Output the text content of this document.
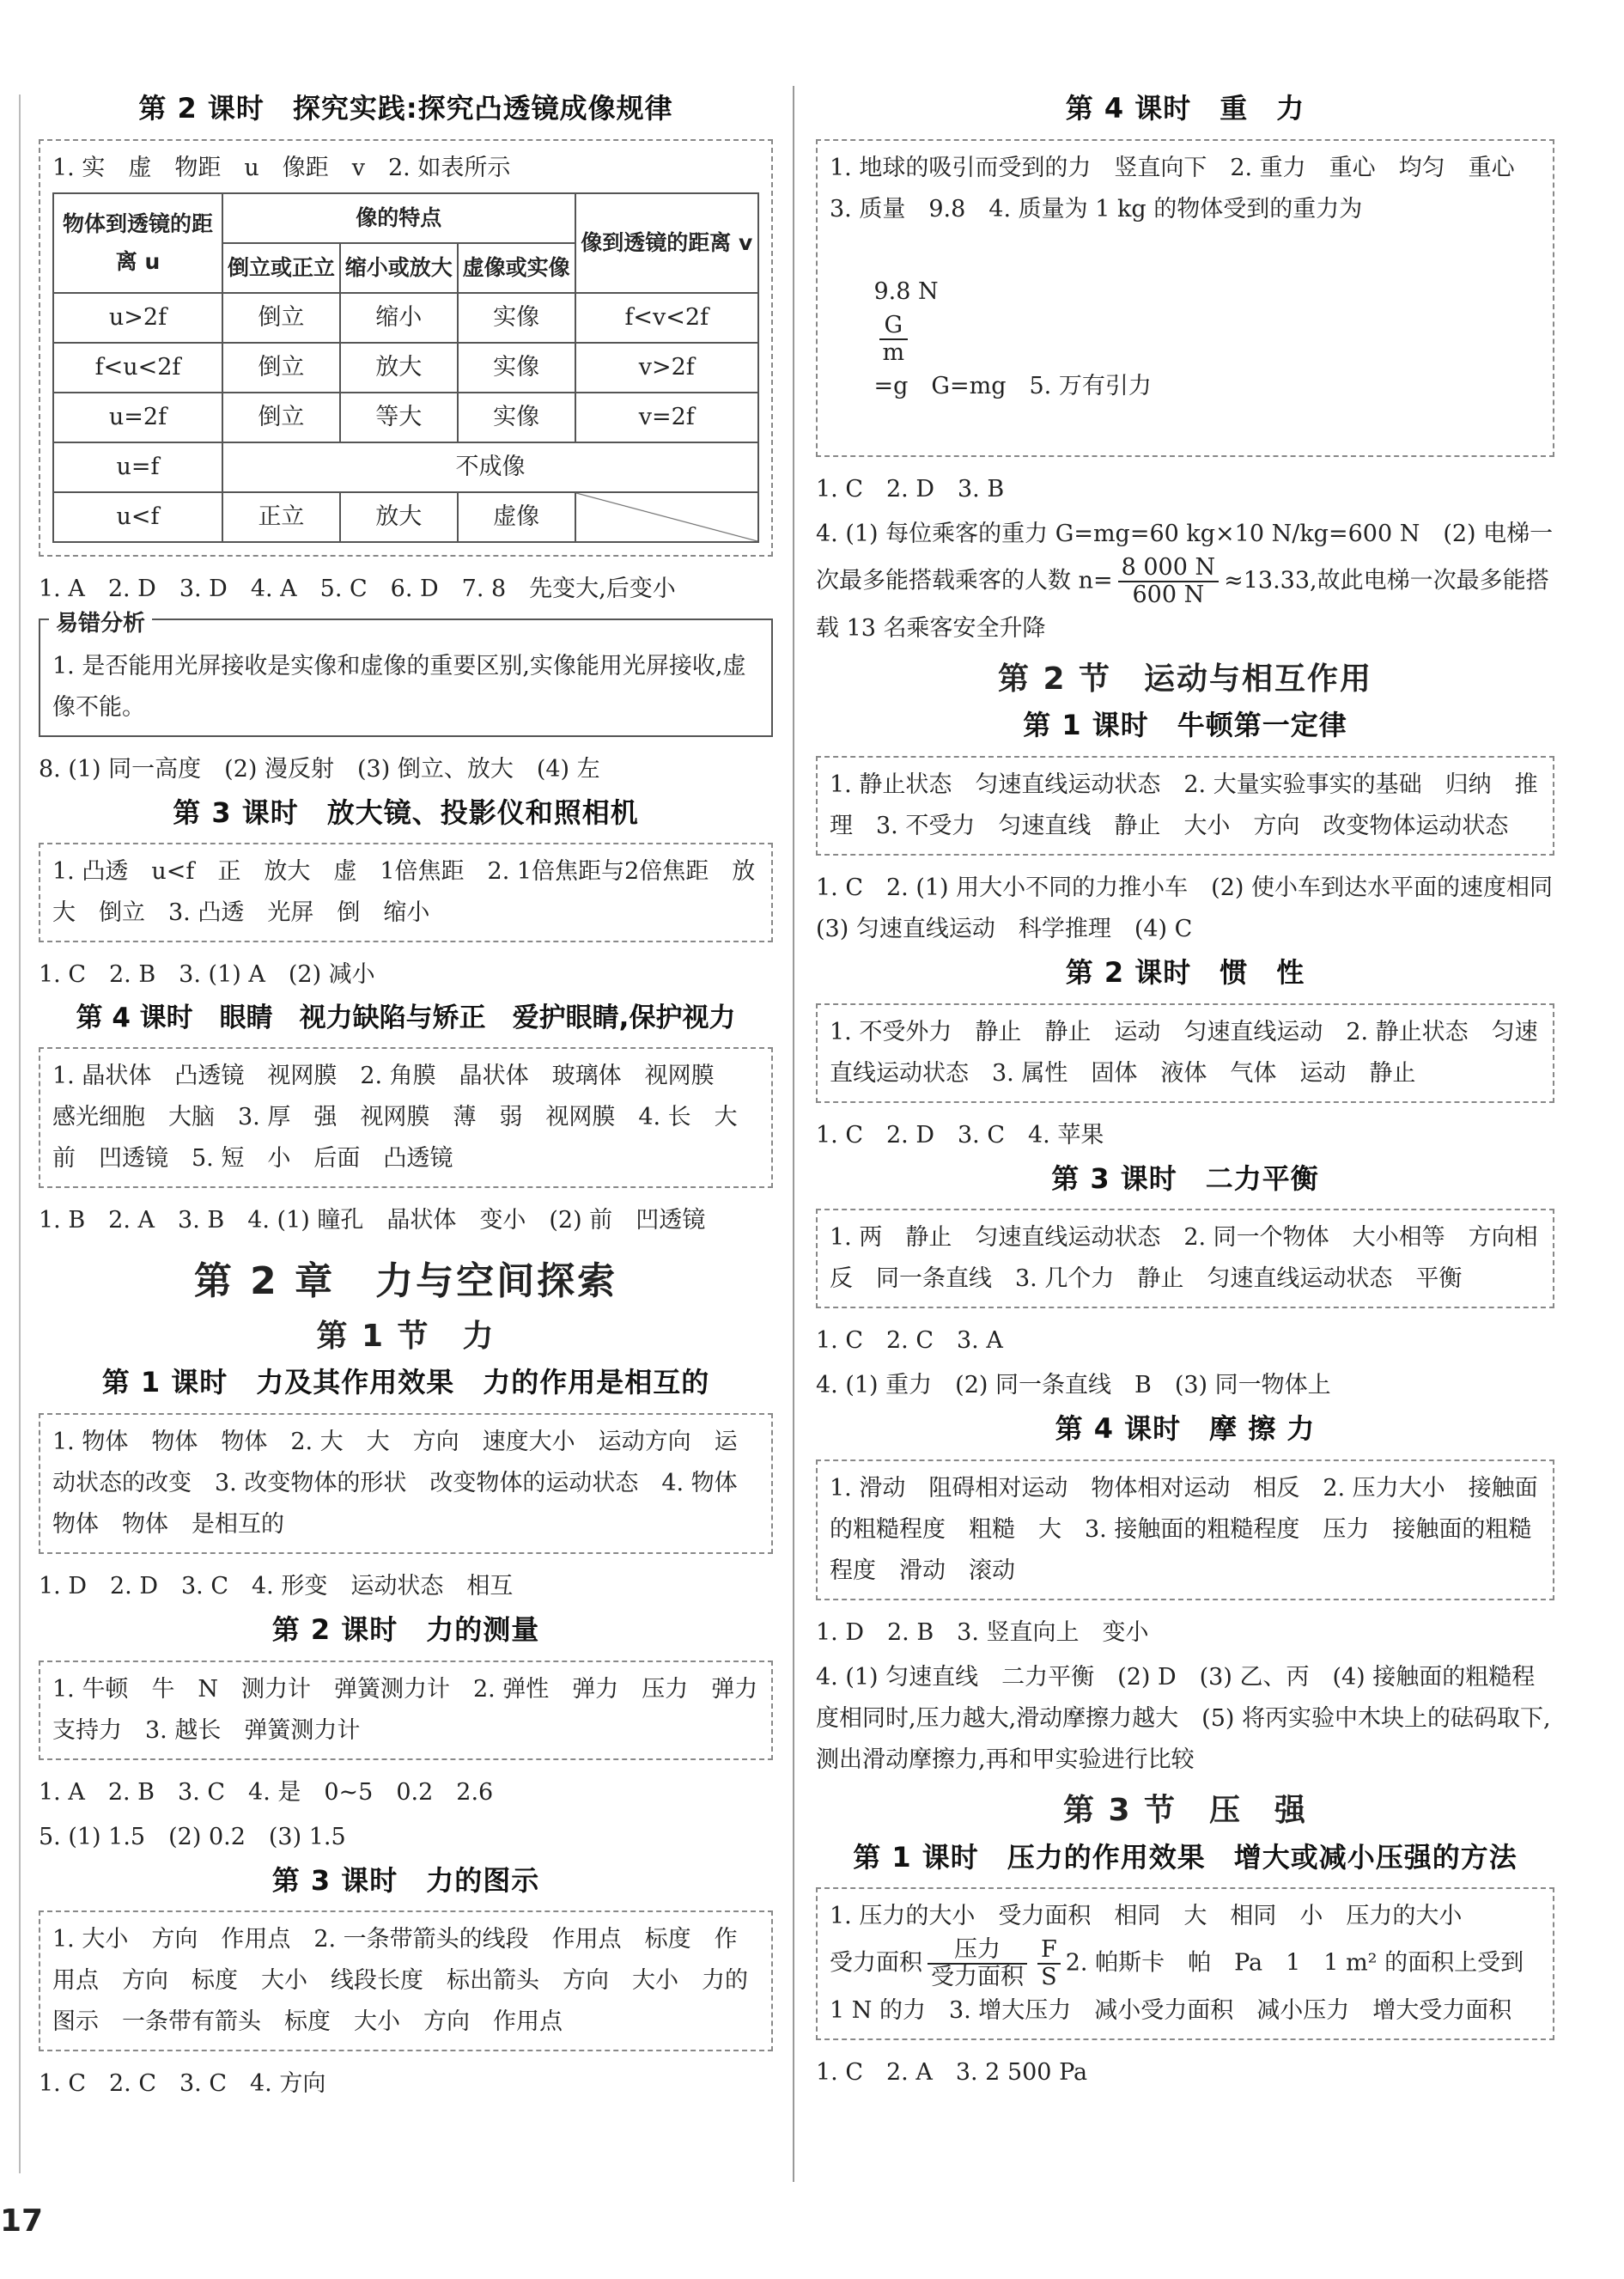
第 2 课时　探究实践:探究凸透镜成像规律
1. 实　虚　物距　u　像距　v　2. 如表所示
物体到透镜的距离 u	像的特点			像到透镜的距离 v
	倒立或正立	缩小或放大	虚像或实像	
u>2f	倒立	缩小	实像	f<v<2f
f<u<2f	倒立	放大	实像	v>2f
u=2f	倒立	等大	实像	v=2f
u=f	不成像			
u<f	正立	放大	虚像	
1. A　2. D　3. D　4. A　5. C　6. D　7. 8　先变大,后变小
易错分析
1. 是否能用光屏接收是实像和虚像的重要区别,实像能用光屏接收,虚像不能。
8. (1) 同一高度　(2) 漫反射　(3) 倒立、放大　(4) 左
第 3 课时　放大镜、投影仪和照相机
1. 凸透　u<f　正　放大　虚　1倍焦距　2. 1倍焦距与2倍焦距　放大　倒立　3. 凸透　光屏　倒　缩小
1. C　2. B　3. (1) A　(2) 减小
第 4 课时　眼睛　视力缺陷与矫正　爱护眼睛,保护视力
1. 晶状体　凸透镜　视网膜　2. 角膜　晶状体　玻璃体　视网膜　感光细胞　大脑　3. 厚　强　视网膜　薄　弱　视网膜　4. 长　大　前　凹透镜　5. 短　小　后面　凸透镜
1. B　2. A　3. B　4. (1) 瞳孔　晶状体　变小　(2) 前　凹透镜
第 2 章　力与空间探索
第 1 节　力
第 1 课时　力及其作用效果　力的作用是相互的
1. 物体　物体　物体　2. 大　大　方向　速度大小　运动方向　运动状态的改变　3. 改变物体的形状　改变物体的运动状态　4. 物体　物体　物体　是相互的
1. D　2. D　3. C　4. 形变　运动状态　相互
第 2 课时　力的测量
1. 牛顿　牛　N　测力计　弹簧测力计　2. 弹性　弹力　压力　弹力　支持力　3. 越长　弹簧测力计
1. A　2. B　3. C　4. 是　0~5　0.2　2.6
5. (1) 1.5　(2) 0.2　(3) 1.5
第 3 课时　力的图示
1. 大小　方向　作用点　2. 一条带箭头的线段　作用点　标度　作用点　方向　标度　大小　线段长度　标出箭头　方向　大小　力的图示　一条带有箭头　标度　大小　方向　作用点
1. C　2. C　3. C　4. 方向
第 4 课时　重　力
1. 地球的吸引而受到的力　竖直向下　2. 重力　重心　均匀　重心　3. 质量　9.8　4. 质量为 1 kg 的物体受到的重力为

9.8 N

$\frac{G}{m}$

=g　G=mg　5. 万有引力

1. C　2. D　3. B
4. (1) 每位乘客的重力 G=mg=60 kg×10 N/kg=600 N　(2) 电梯一次最多能搭载乘客的人数 $n= \frac{8 000 N}{600 N} \approx 13.33$,故此电梯一次最多能搭载 13 名乘客安全升降
第 2 节　运动与相互作用
第 1 课时　牛顿第一定律
1. 静止状态　匀速直线运动状态　2. 大量实验事实的基础　归纳　推理　3. 不受力　匀速直线　静止　大小　方向　改变物体运动状态
1. C　2. (1) 用大小不同的力推小车　(2) 使小车到达水平面的速度相同　(3) 匀速直线运动　科学推理　(4) C
第 2 课时　惯　性
1. 不受外力　静止　静止　运动　匀速直线运动　2. 静止状态　匀速直线运动状态　3. 属性　固体　液体　气体　运动　静止
1. C　2. D　3. C　4. 苹果
第 3 课时　二力平衡
1. 两　静止　匀速直线运动状态　2. 同一个物体　大小相等　方向相反　同一条直线　3. 几个力　静止　匀速直线运动状态　平衡
1. C　2. C　3. A
4. (1) 重力　(2) 同一条直线　B　(3) 同一物体上
第 4 课时　摩 擦 力
1. 滑动　阻碍相对运动　物体相对运动　相反　2. 压力大小　接触面的粗糙程度　粗糙　大　3. 接触面的粗糙程度　压力　接触面的粗糙程度　滑动　滚动
1. D　2. B　3. 竖直向上　变小
4. (1) 匀速直线　二力平衡　(2) D　(3) 乙、丙　(4) 接触面的粗糙程度相同时,压力越大,滑动摩擦力越大　(5) 将丙实验中木块上的砝码取下,测出滑动摩擦力,再和甲实验进行比较
第 3 节　压　强
第 1 课时　压力的作用效果　增大或减小压强的方法
1. 压力的大小　受力面积　相同　大　相同　小　压力的大小
受力面积 $\frac{\text{压力}}{\text{受力面积}} \frac{F}{S} 2$. 帕斯卡　帕　Pa　1　1 m² 的面积上受到 1 N 的力　3. 增大压力　减小受力面积　减小压力　增大受力面积
1. C　2. A　3. 2 500 Pa
17
